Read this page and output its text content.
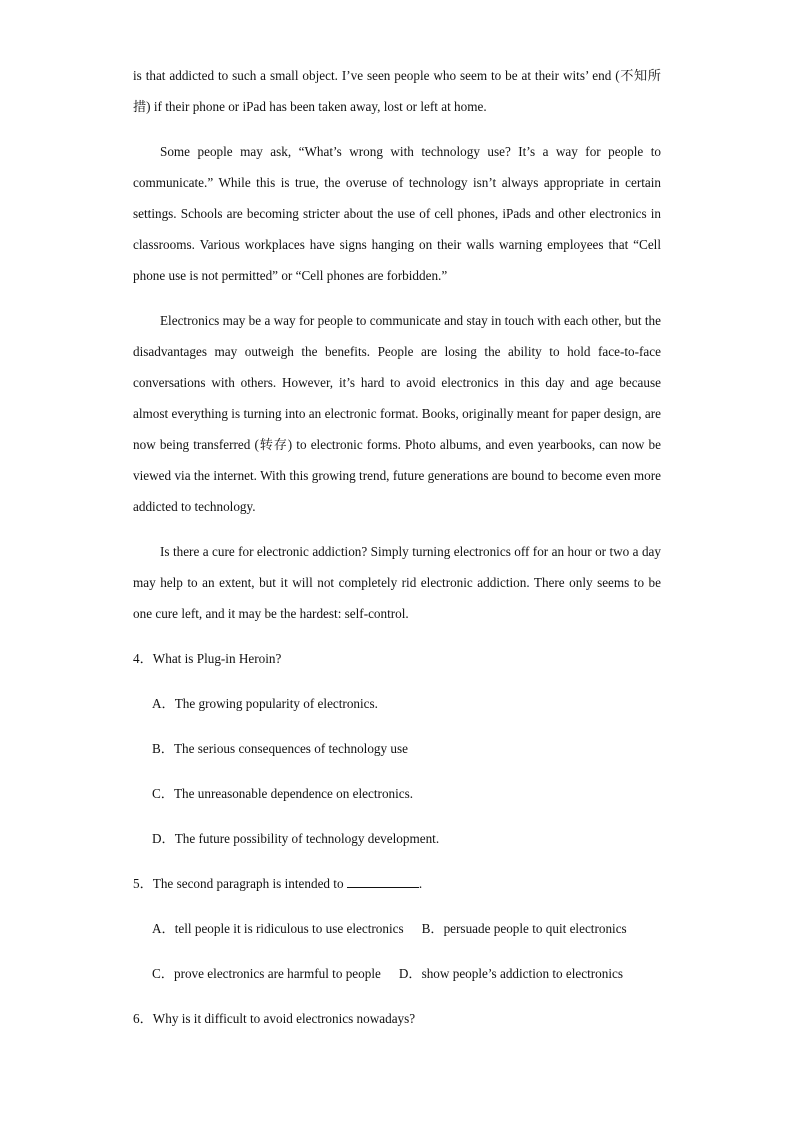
is that addicted to such a small object. I’ve seen people who seem to be at their wits’ end (不知所措) if their phone or iPad has been taken away, lost or left at home.

Some people may ask, “What’s wrong with technology use? It’s a way for people to communicate.” While this is true, the overuse of technology isn’t always appropriate in certain settings. Schools are becoming stricter about the use of cell phones, iPads and other electronics in classrooms. Various workplaces have signs hanging on their walls warning employees that “Cell phone use is not permitted” or “Cell phones are forbidden.”

Electronics may be a way for people to communicate and stay in touch with each other, but the disadvantages may outweigh the benefits. People are losing the ability to hold face-to-face conversations with others. However, it’s hard to avoid electronics in this day and age because almost everything is turning into an electronic format. Books, originally meant for paper design, are now being transferred (转存) to electronic forms. Photo albums, and even yearbooks, can now be viewed via the internet. With this growing trend, future generations are bound to become even more addicted to technology.

Is there a cure for electronic addiction? Simply turning electronics off for an hour or two a day may help to an extent, but it will not completely rid electronic addiction. There only seems to be one cure left, and it may be the hardest: self-control.

4．What is Plug-in Heroin?
A．The growing popularity of electronics.
B．The serious consequences of technology use
C．The unreasonable dependence on electronics.
D．The future possibility of technology development.
5．The second paragraph is intended to	.
A．tell people it is ridiculous to use electronics B．persuade people to quit electronics
C．prove electronics are harmful to people D．show people’s addiction to electronics
6．Why is it difficult to avoid electronics nowadays?
